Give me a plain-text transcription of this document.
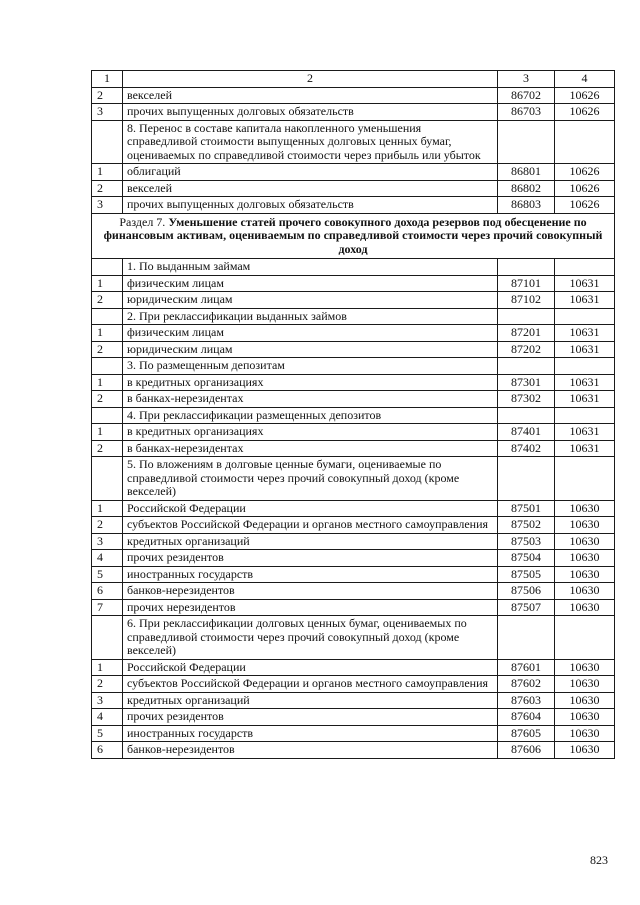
1	2	3	4
2	векселей	86702	10626
3	прочих выпущенных долговых обязательств	86703	10626
	8. Перенос в составе капитала накопленного уменьшения справедливой стоимости выпущенных долговых ценных бумаг, оцениваемых по справедливой стоимости через прибыль или убыток		
1	облигаций	86801	10626
2	векселей	86802	10626
3	прочих выпущенных долговых обязательств	86803	10626
Раздел 7. Уменьшение статей прочего совокупного дохода резервов под обесценение по финансовым активам, оцениваемым по справедливой стоимости через прочий совокупный доход			
	1. По выданным займам		
1	физическим лицам	87101	10631
2	юридическим лицам	87102	10631
	2. При реклассификации выданных займов		
1	физическим лицам	87201	10631
2	юридическим лицам	87202	10631
	3. По размещенным депозитам		
1	в кредитных организациях	87301	10631
2	в банках-нерезидентах	87302	10631
	4. При реклассификации размещенных депозитов		
1	в кредитных организациях	87401	10631
2	в банках-нерезидентах	87402	10631
	5. По вложениям в долговые ценные бумаги, оцениваемые по справедливой стоимости через прочий совокупный доход (кроме векселей)		
1	Российской Федерации	87501	10630
2	субъектов Российской Федерации и органов местного самоуправления	87502	10630
3	кредитных организаций	87503	10630
4	прочих резидентов	87504	10630
5	иностранных государств	87505	10630
6	банков-нерезидентов	87506	10630
7	прочих нерезидентов	87507	10630
	6. При реклассификации долговых ценных бумаг, оцениваемых по справедливой стоимости через прочий совокупный доход (кроме векселей)		
1	Российской Федерации	87601	10630
2	субъектов Российской Федерации и органов местного самоуправления	87602	10630
3	кредитных организаций	87603	10630
4	прочих резидентов	87604	10630
5	иностранных государств	87605	10630
6	банков-нерезидентов	87606	10630
823
